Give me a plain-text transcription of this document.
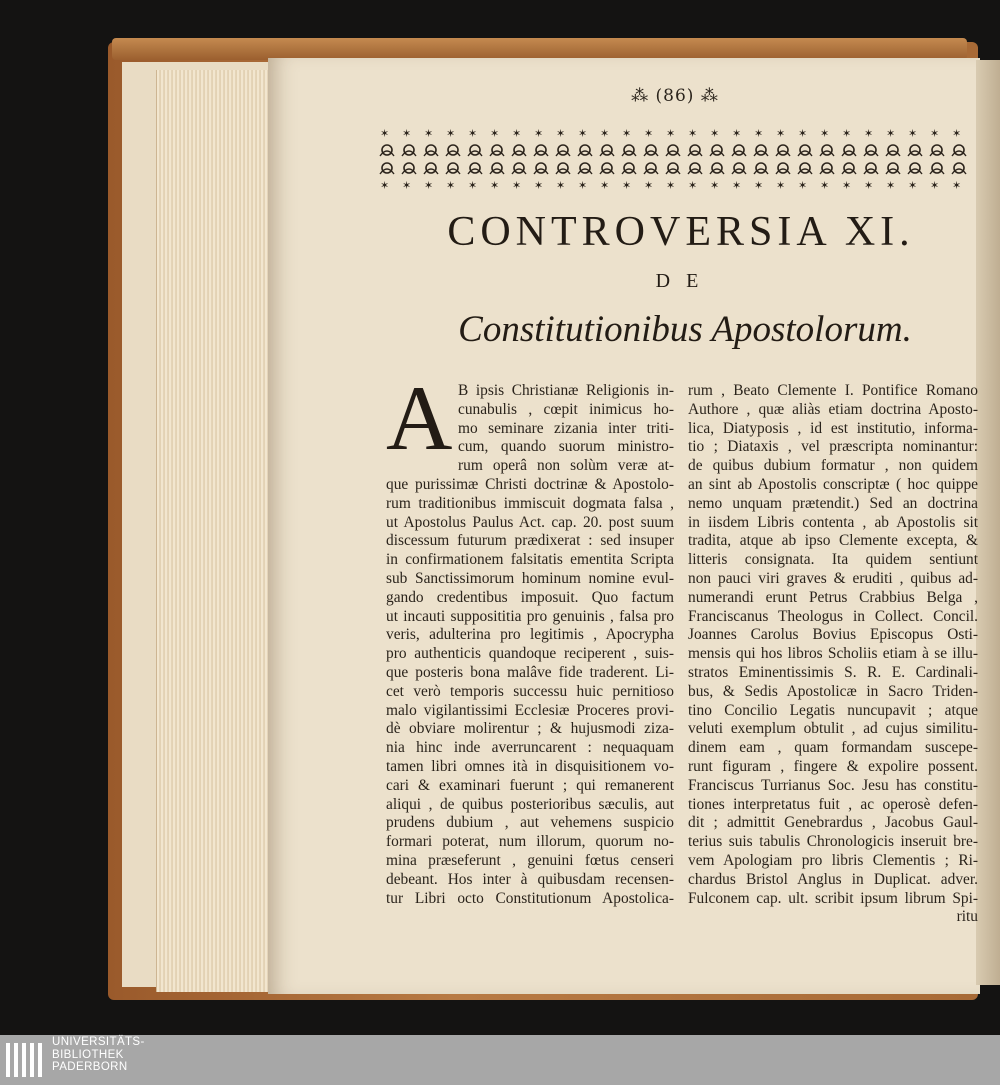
⁂ (86) ⁂
CONTROVERSIA XI.
DE
Constitutionibus Apostolorum.
A B ipsis Christianæ Religionis in-
cunabulis , cœpit inimicus ho-
mo seminare zizania inter triti-
cum, quando suorum ministro-
rum operâ non solùm veræ at-
que purissimæ Christi doctrinæ & Apostolo-
rum traditionibus immiscuit dogmata falsa ,
ut Apostolus Paulus Act. cap. 20. post suum
discessum futurum prædixerat : sed insuper
in confirmationem falsitatis ementita Scripta
sub Sanctissimorum hominum nomine evul-
gando credentibus imposuit. Quo factum
ut incauti supposititia pro genuinis , falsa pro
veris, adulterina pro legitimis , Apocrypha
pro authenticis quandoque reciperent , suis-
que posteris bona malâve fide traderent. Li-
cet verò temporis successu huic pernitioso
malo vigilantissimi Ecclesiæ Proceres provi-
dè obviare molirentur ; & hujusmodi ziza-
nia hinc inde averruncarent : nequaquam
tamen libri omnes ità in disquisitionem vo-
cari & examinari fuerunt ; qui remanerent
aliqui , de quibus posterioribus sæculis, aut
prudens dubium , aut vehemens suspicio
formari poterat, num illorum, quorum no-
mina præseferunt , genuini fœtus censeri
debeant. Hos inter à quibusdam recensen-
tur Libri octo Constitutionum Apostolica-
rum , Beato Clemente I. Pontifice Romano
Authore , quæ aliàs etiam doctrina Aposto-
lica, Diatyposis , id est institutio, informa-
tio ; Diataxis , vel præscripta nominantur:
de quibus dubium formatur , non quidem
an sint ab Apostolis conscriptæ ( hoc quippe
nemo unquam prætendit.) Sed an doctrina
in iisdem Libris contenta , ab Apostolis sit
tradita, atque ab ipso Clemente excepta, &
litteris consignata. Ita quidem sentiunt
non pauci viri graves & eruditi , quibus ad-
numerandi erunt Petrus Crabbius Belga ,
Franciscanus Theologus in Collect. Concil.
Joannes Carolus Bovius Episcopus Osti-
mensis qui hos libros Scholiis etiam à se illu-
stratos Eminentissimis S. R. E. Cardinali-
bus, & Sedis Apostolicæ in Sacro Triden-
tino Concilio Legatis nuncupavit ; atque
veluti exemplum obtulit , ad cujus similitu-
dinem eam , quam formandam suscepe-
runt figuram , fingere & expolire possent.
Franciscus Turrianus Soc. Jesu has constitu-
tiones interpretatus fuit , ac operosè defen-
dit ; admittit Genebrardus , Jacobus Gaul-
terius suis tabulis Chronologicis inseruit bre-
vem Apologiam pro libris Clementis ; Ri-
chardus Bristol Anglus in Duplicat. adver.
Fulconem cap. ult. scribit ipsum librum Spi-
ritu
UNIVERSITÄTS-
BIBLIOTHEK
PADERBORN
